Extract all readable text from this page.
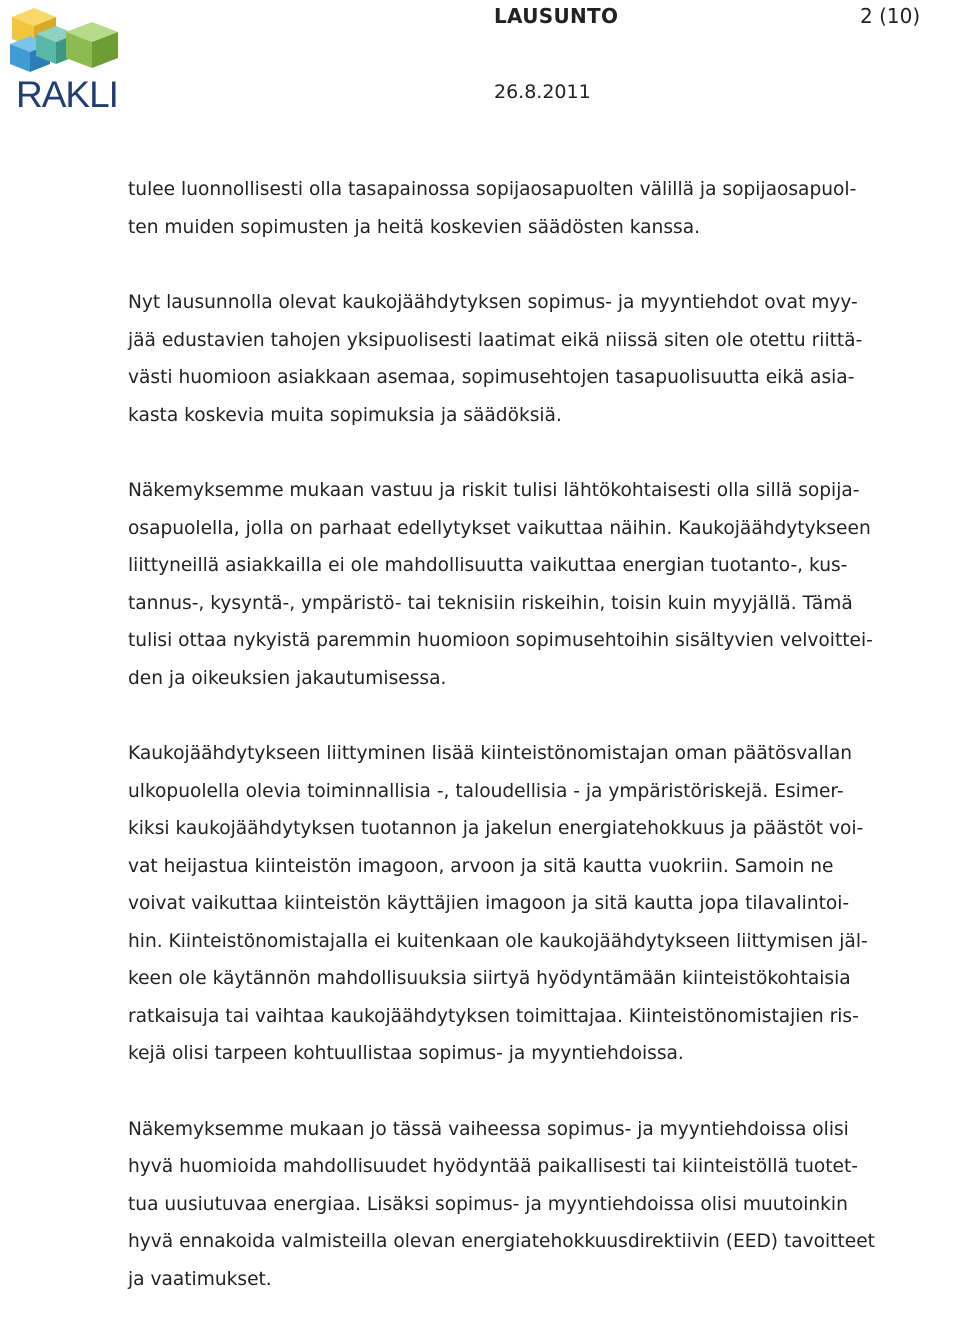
RAKLI
LAUSUNTO	2 (10)
26.8.2011
tulee luonnollisesti olla tasapainossa sopijaosapuolten välillä ja sopijaosapuol-
ten muiden sopimusten ja heitä koskevien säädösten kanssa.
Nyt lausunnolla olevat kaukojäähdytyksen sopimus- ja myyntiehdot ovat myy-
jää edustavien tahojen yksipuolisesti laatimat eikä niissä siten ole otettu riittä-
västi huomioon asiakkaan asemaa, sopimusehtojen tasapuolisuutta eikä asia-
kasta koskevia muita sopimuksia ja säädöksiä.
Näkemyksemme mukaan vastuu ja riskit tulisi lähtökohtaisesti olla sillä sopija-
osapuolella, jolla on parhaat edellytykset vaikuttaa näihin. Kaukojäähdytykseen
liittyneillä asiakkailla ei ole mahdollisuutta vaikuttaa energian tuotanto-, kus-
tannus-, kysyntä-, ympäristö- tai teknisiin riskeihin, toisin kuin myyjällä. Tämä
tulisi ottaa nykyistä paremmin huomioon sopimusehtoihin sisältyvien velvoittei-
den ja oikeuksien jakautumisessa.
Kaukojäähdytykseen liittyminen lisää kiinteistönomistajan oman päätösvallan
ulkopuolella olevia toiminnallisia -, taloudellisia - ja ympäristöriskejä. Esimer-
kiksi kaukojäähdytyksen tuotannon ja jakelun energiatehokkuus ja päästöt voi-
vat heijastua kiinteistön imagoon, arvoon ja sitä kautta vuokriin. Samoin ne
voivat vaikuttaa kiinteistön käyttäjien imagoon ja sitä kautta jopa tilavalintoi-
hin. Kiinteistönomistajalla ei kuitenkaan ole kaukojäähdytykseen liittymisen jäl-
keen ole käytännön mahdollisuuksia siirtyä hyödyntämään kiinteistökohtaisia
ratkaisuja tai vaihtaa kaukojäähdytyksen toimittajaa. Kiinteistönomistajien ris-
kejä olisi tarpeen kohtuullistaa sopimus- ja myyntiehdoissa.
Näkemyksemme mukaan jo tässä vaiheessa sopimus- ja myyntiehdoissa olisi
hyvä huomioida mahdollisuudet hyödyntää paikallisesti tai kiinteistöllä tuotet-
tua uusiutuvaa energiaa. Lisäksi sopimus- ja myyntiehdoissa olisi muutoinkin
hyvä ennakoida valmisteilla olevan energiatehokkuusdirektiivin (EED) tavoitteet
ja vaatimukset.
